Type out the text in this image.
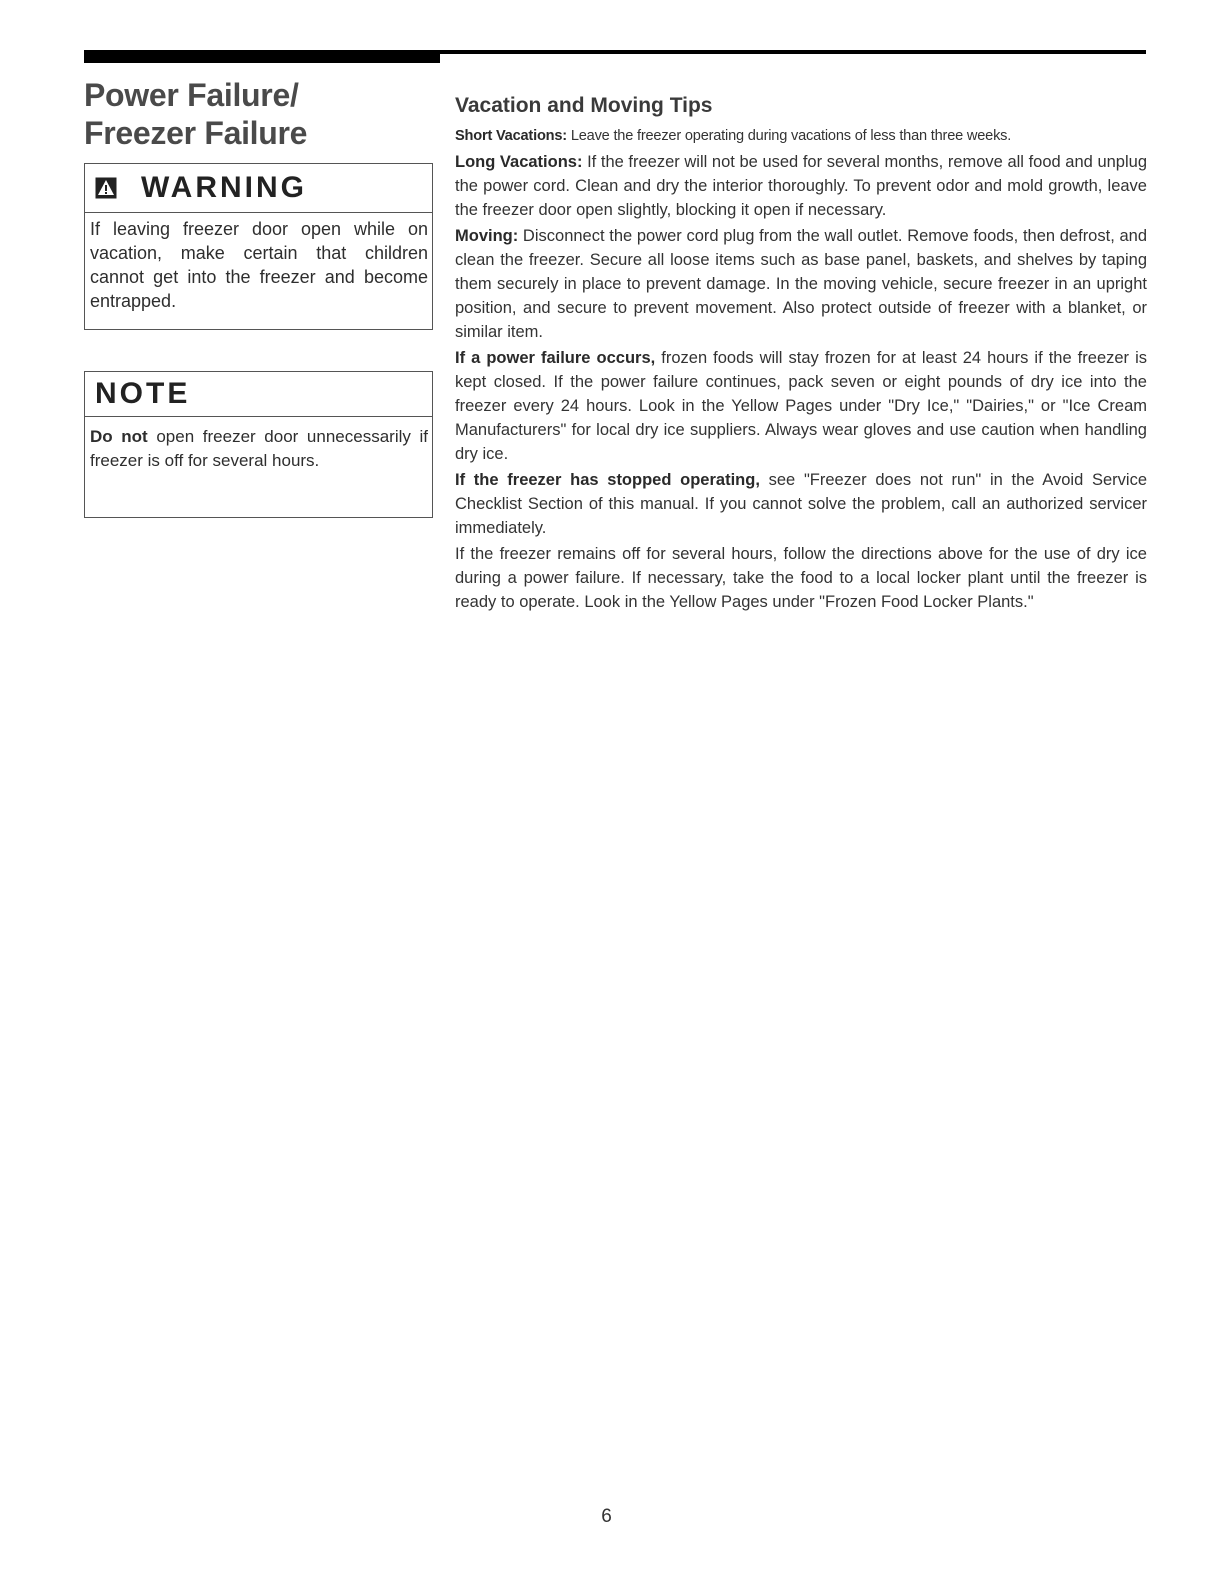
Power Failure/
Freezer Failure
WARNING
If leaving freezer door open while on vacation, make certain that children cannot get into the freezer and become entrapped.
NOTE
Do not open freezer door unnecessarily if freezer is off for several hours.
Vacation and Moving Tips

Short Vacations: Leave the freezer operating during vacations of less than three weeks.

Long Vacations: If the freezer will not be used for several months, remove all food and unplug the power cord. Clean and dry the interior thoroughly. To prevent odor and mold growth, leave the freezer door open slightly, blocking it open if necessary.

Moving: Disconnect the power cord plug from the wall outlet. Remove foods, then defrost, and clean the freezer. Secure all loose items such as base panel, baskets, and shelves by taping them securely in place to prevent damage. In the moving vehicle, secure freezer in an upright position, and secure to prevent movement. Also protect outside of freezer with a blanket, or similar item.

If a power failure occurs, frozen foods will stay frozen for at least 24 hours if the freezer is kept closed. If the power failure continues, pack seven or eight pounds of dry ice into the freezer every 24 hours. Look in the Yellow Pages under "Dry Ice," "Dairies," or "Ice Cream Manufacturers" for local dry ice suppliers. Always wear gloves and use caution when handling dry ice.

If the freezer has stopped operating, see "Freezer does not run" in the Avoid Service Checklist Section of this manual. If you cannot solve the problem, call an authorized servicer immediately.

If the freezer remains off for several hours, follow the directions above for the use of dry ice during a power failure. If necessary, take the food to a local locker plant until the freezer is ready to operate. Look in the Yellow Pages under "Frozen Food Locker Plants."

6
